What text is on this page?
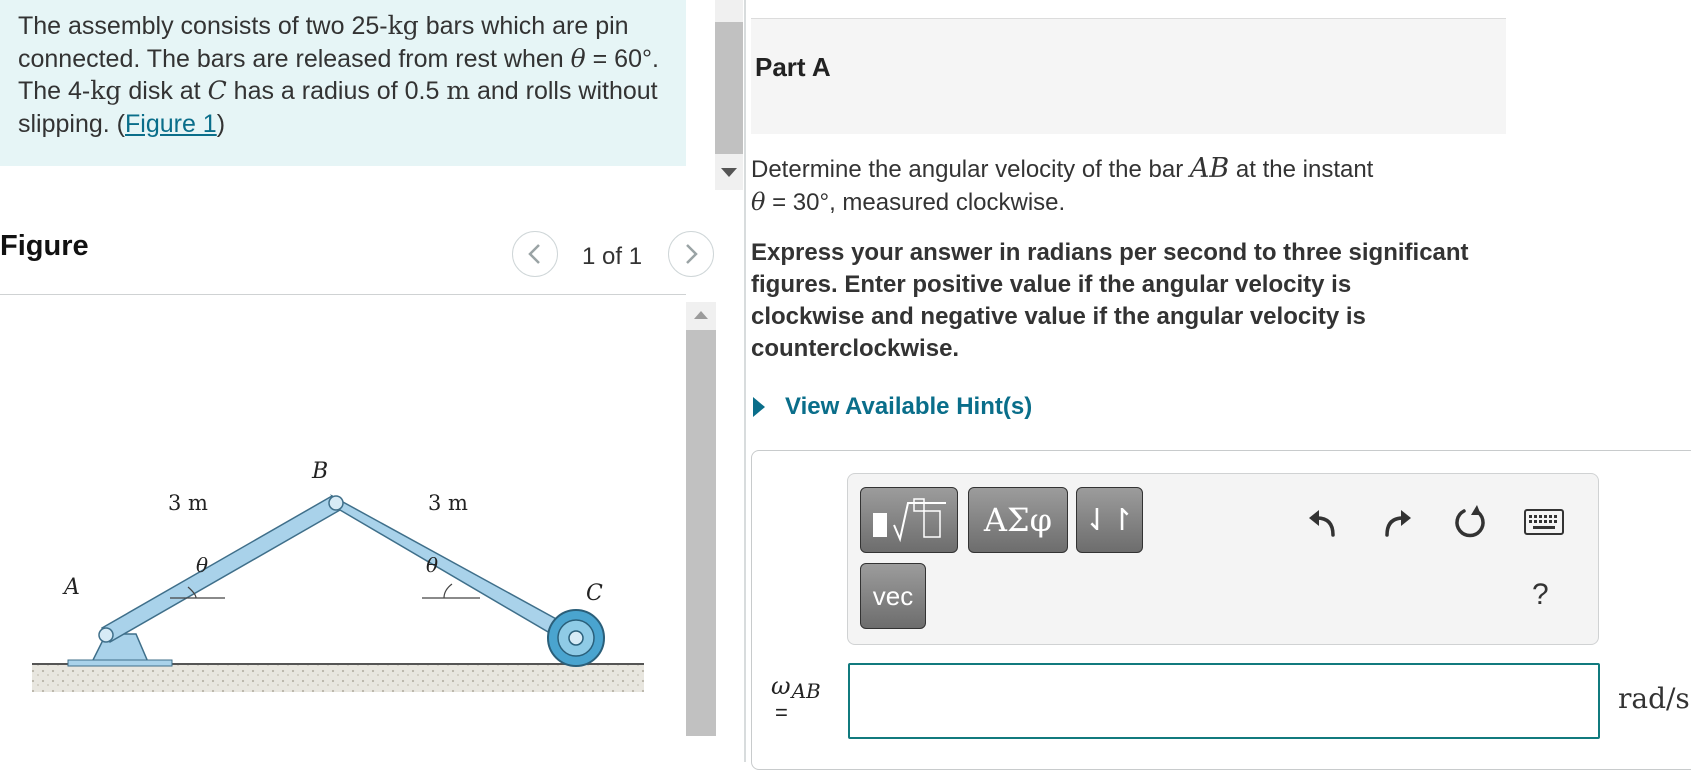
The assembly consists of two 25-kg bars which are pin connected. The bars are released from rest when θ = 60°. The 4-kg disk at C has a radius of 0.5 m and rolls without slipping. (Figure 1)
Figure	1 of 1
A
B
C
3 m	3 m
θ	θ
Part A
Determine the angular velocity of the bar AB at the instant
θ = 30°, measured clockwise.
Express your answer in radians per second to three significant figures. Enter positive value if the angular velocity is clockwise and negative value if the angular velocity is counterclockwise.
View Available Hint(s)
ΑΣφ	⇃↾
vec	?
ωAB
=	rad/s
